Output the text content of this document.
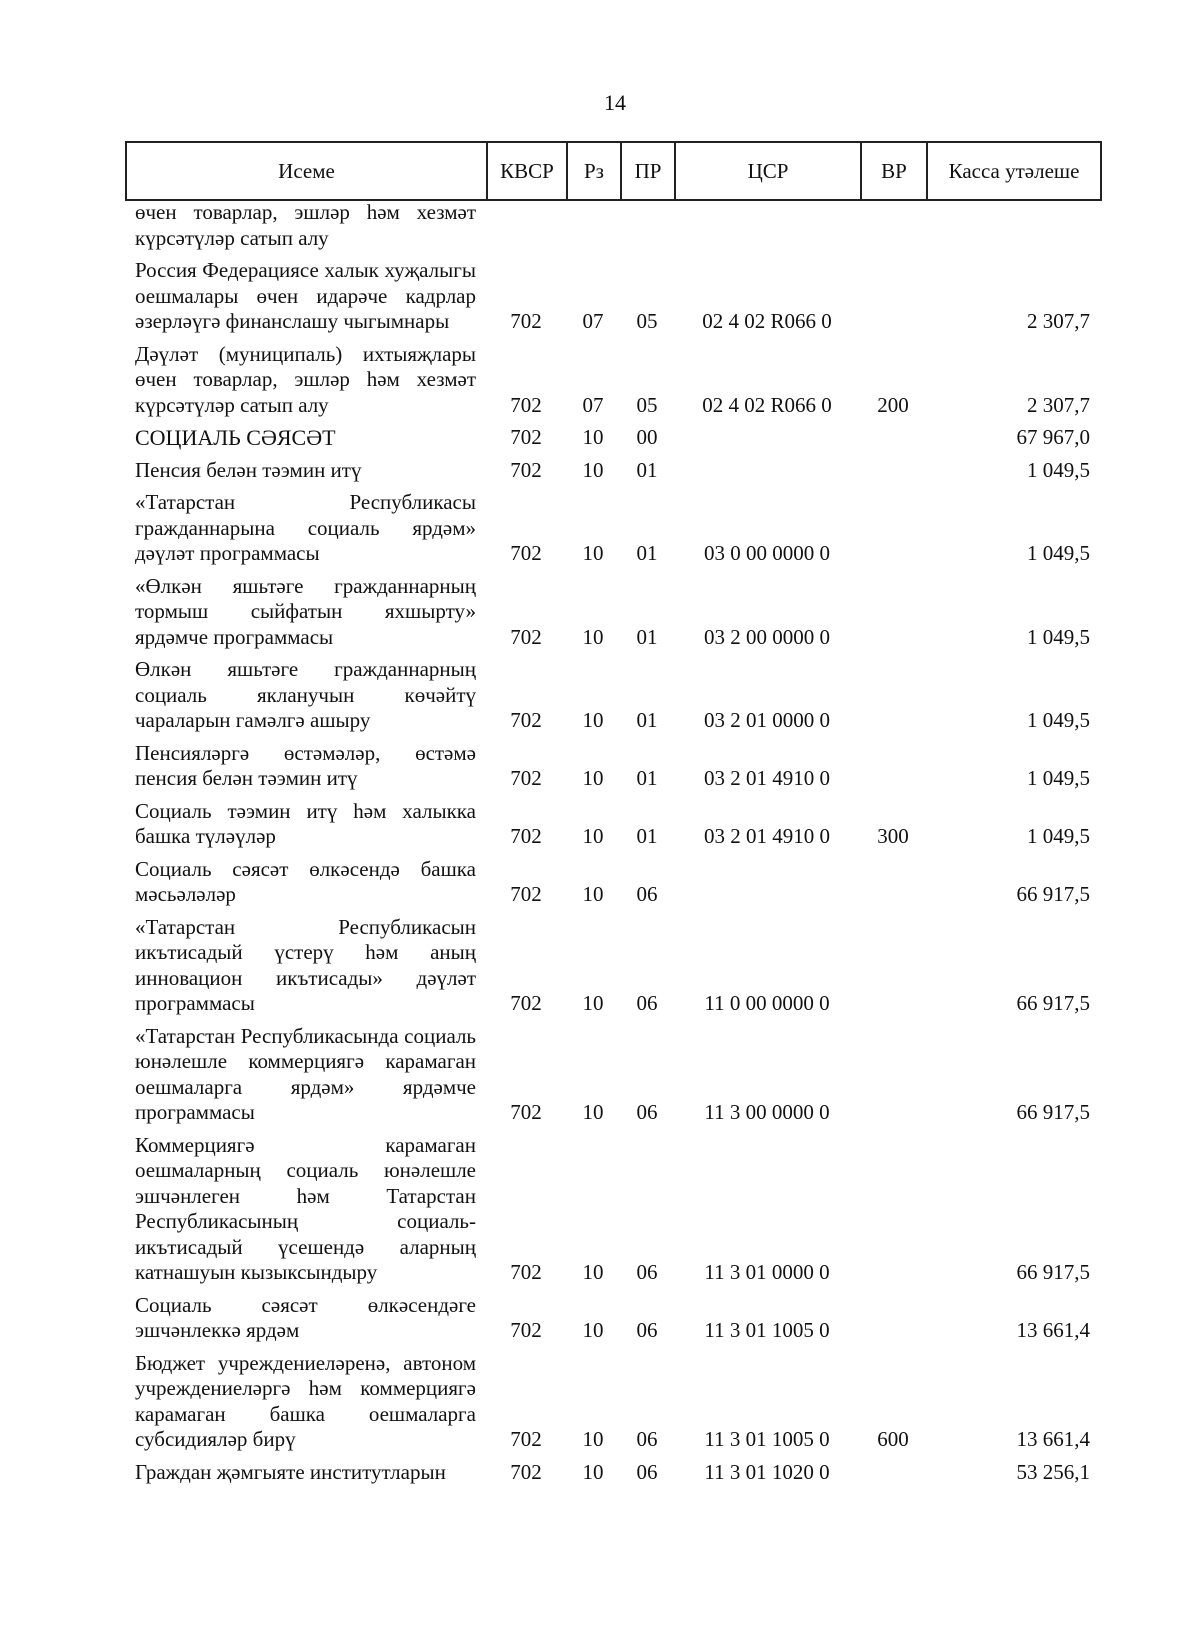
14
Исеме	КВСР	Рз	ПР	ЦСР	ВР	Касса утәлеше
өчен товарлар, эшләр һәм хезмәт күрсәтүләр сатып алу						
Россия Федерациясе халык хуҗалыгы оешмалары өчен идарәче кадрлар әзерләүгә финанслашу чыгымнары	702	07	05	02 4 02 R066 0		2 307,7
Дәүләт (муниципаль) ихтыяҗлары өчен товарлар, эшләр һәм хезмәт күрсәтүләр сатып алу	702	07	05	02 4 02 R066 0	200	2 307,7
СОЦИАЛЬ СӘЯСӘТ	702	10	00			67 967,0
Пенсия белән тәэмин итү	702	10	01			1 049,5
«Татарстан Республикасы гражданнарына социаль ярдәм» дәүләт программасы	702	10	01	03 0 00 0000 0		1 049,5
«Өлкән яшьтәге гражданнарның тормыш сыйфатын яхшырту» ярдәмче программасы	702	10	01	03 2 00 0000 0		1 049,5
Өлкән яшьтәге гражданнарның социаль якланучын көчәйтү чараларын гамәлгә ашыру	702	10	01	03 2 01 0000 0		1 049,5
Пенсияләргә өстәмәләр, өстәмә пенсия белән тәэмин итү	702	10	01	03 2 01 4910 0		1 049,5
Социаль тәэмин итү һәм халыкка башка түләүләр	702	10	01	03 2 01 4910 0	300	1 049,5
Социаль сәясәт өлкәсендә башка мәсьәләләр	702	10	06			66 917,5
«Татарстан Республикасын икътисадый үстерү һәм аның инновацион икътисады» дәүләт программасы	702	10	06	11 0 00 0000 0		66 917,5
«Татарстан Республикасында социаль юнәлешле коммерциягә карамаган оешмаларга ярдәм» ярдәмче программасы	702	10	06	11 3 00 0000 0		66 917,5
Коммерциягә карамаган оешмаларның социаль юнәлешле эшчәнлеген һәм Татарстан Республикасының социаль-икътисадый үсешендә аларның катнашуын кызыксындыру	702	10	06	11 3 01 0000 0		66 917,5
Социаль сәясәт өлкәсендәге эшчәнлеккә ярдәм	702	10	06	11 3 01 1005 0		13 661,4
Бюджет учреждениеләренә, автоном учреждениеләргә һәм коммерциягә карамаган башка оешмаларга субсидияләр бирү	702	10	06	11 3 01 1005 0	600	13 661,4
Граждан җәмгыяте институтларын	702	10	06	11 3 01 1020 0		53 256,1
